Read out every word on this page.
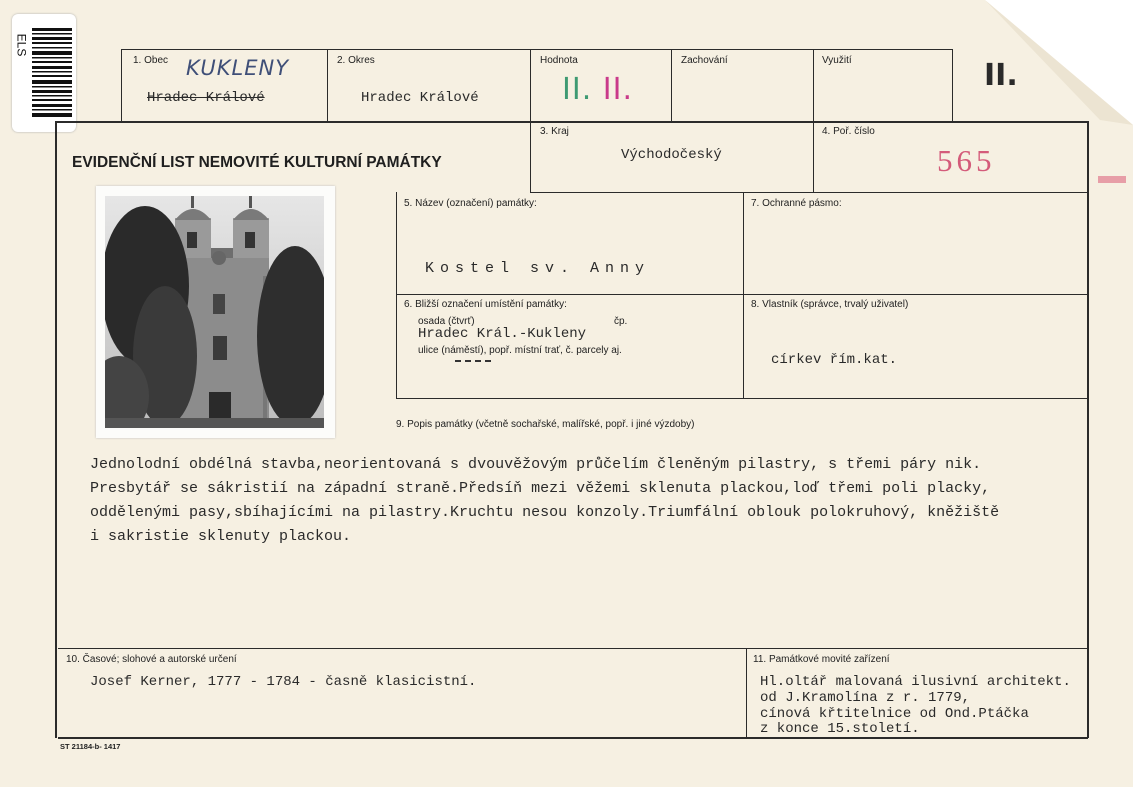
ELS
1. Obec KUKLENY
Hradec Králové
2. Okres
Hradec Králové
Hodnota
II. II.
Zachování	Využití	II.
EVIDENČNÍ LIST NEMOVITÉ KULTURNÍ PAMÁTKY
3. Kraj
Východočeský
4. Poř. číslo
565
5. Název (označení) památky:
Kostel sv. Anny
7. Ochranné pásmo:
6. Bližší označení umístění památky:
osada (čtvrť)	čp.
Hradec Král.-Kukleny
ulice (náměstí), popř. místní trať, č. parcely aj.
8. Vlastník (správce, trvalý uživatel)
církev řím.kat.
9. Popis památky (včetně sochařské, malířské, popř. i jiné výzdoby)
Jednolodní obdélná stavba,neorientovaná s dvouvěžovým průčelím členěným pilastry, s třemi páry nik.
Presbytář se sákristií na západní straně.Předsíň mezi věžemi sklenuta plackou,loď třemi poli placky,
oddělenými pasy,sbíhajícími na pilastry.Kruchtu nesou konzoly.Triumfální oblouk polokruhový, kněžiště
i sakristie sklenuty plackou.
10. Časové; slohové a autorské určení
Josef Kerner, 1777 - 1784 - časně klasicistní.
11. Památkové movité zařízení
Hl.oltář malovaná ilusivní architekt.
od J.Kramolína z r. 1779,
cínová křtitelnice od Ond.Ptáčka
z konce 15.století.
ST 21184-b- 1417
